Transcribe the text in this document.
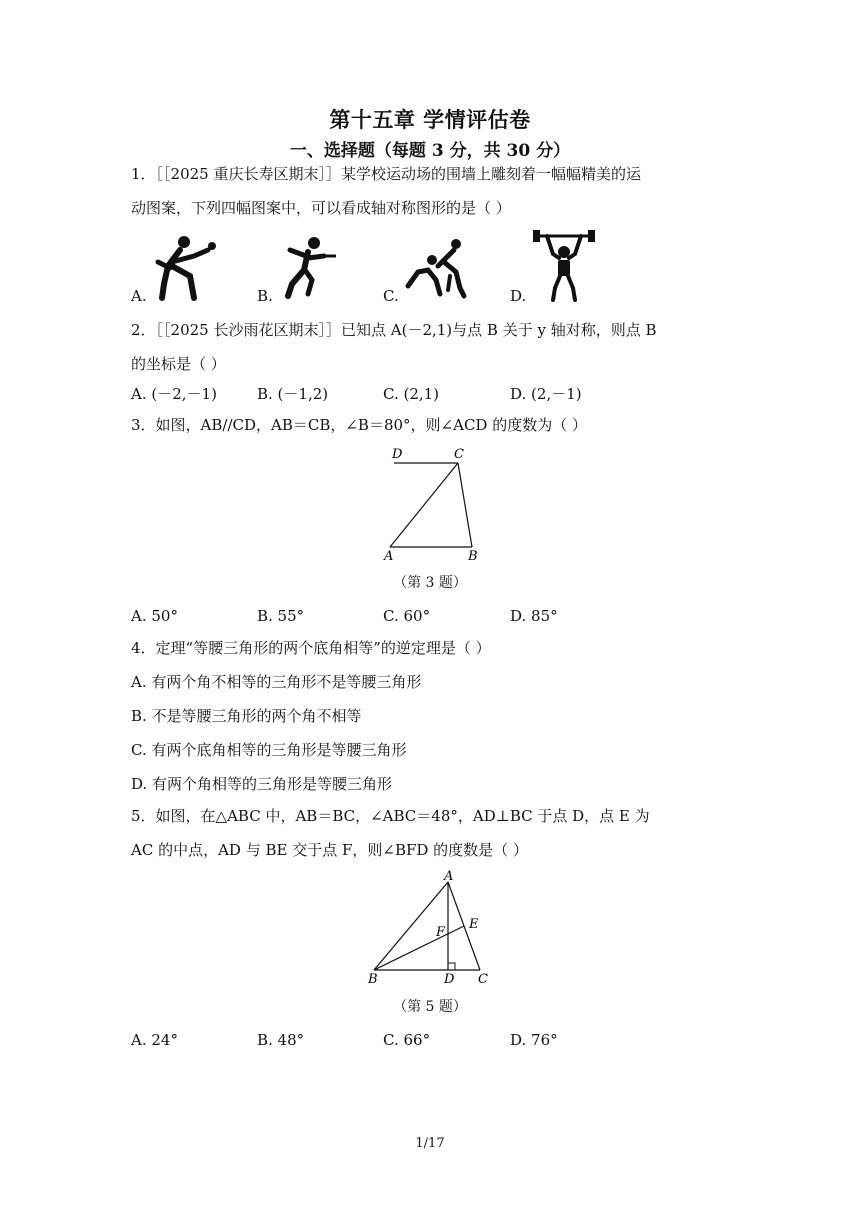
第十五章 学情评估卷
一、选择题（每题 3 分，共 30 分）
1．［［2025 重庆长寿区期末］］某学校运动场的围墙上雕刻着一幅幅精美的运
动图案，下列四幅图案中，可以看成轴对称图形的是（ ）
A.	B.	C.	D.
2．［［2025 长沙雨花区期末］］已知点 A(－2,1)与点 B 关于 y 轴对称，则点 B
的坐标是（ ）
A. (－2,－1)	B. (－1,2)	C. (2,1)	D. (2,－1)
3．如图，AB//CD，AB＝CB，∠B＝80°，则∠ACD 的度数为（ ）
D	C
A	B
（第 3 题）
A. 50°	B. 55°	C. 60°	D. 85°
4．定理“等腰三角形的两个底角相等”的逆定理是（ ）
A. 有两个角不相等的三角形不是等腰三角形
B. 不是等腰三角形的两个角不相等
C. 有两个底角相等的三角形是等腰三角形
D. 有两个角相等的三角形是等腰三角形
5．如图，在△ABC 中，AB＝BC，∠ABC＝48°，AD⊥BC 于点 D，点 E 为
AC 的中点，AD 与 BE 交于点 F，则∠BFD 的度数是（ ）
A
B	C
D
E
F
（第 5 题）
A. 24°	B. 48°	C. 66°	D. 76°
1/17
